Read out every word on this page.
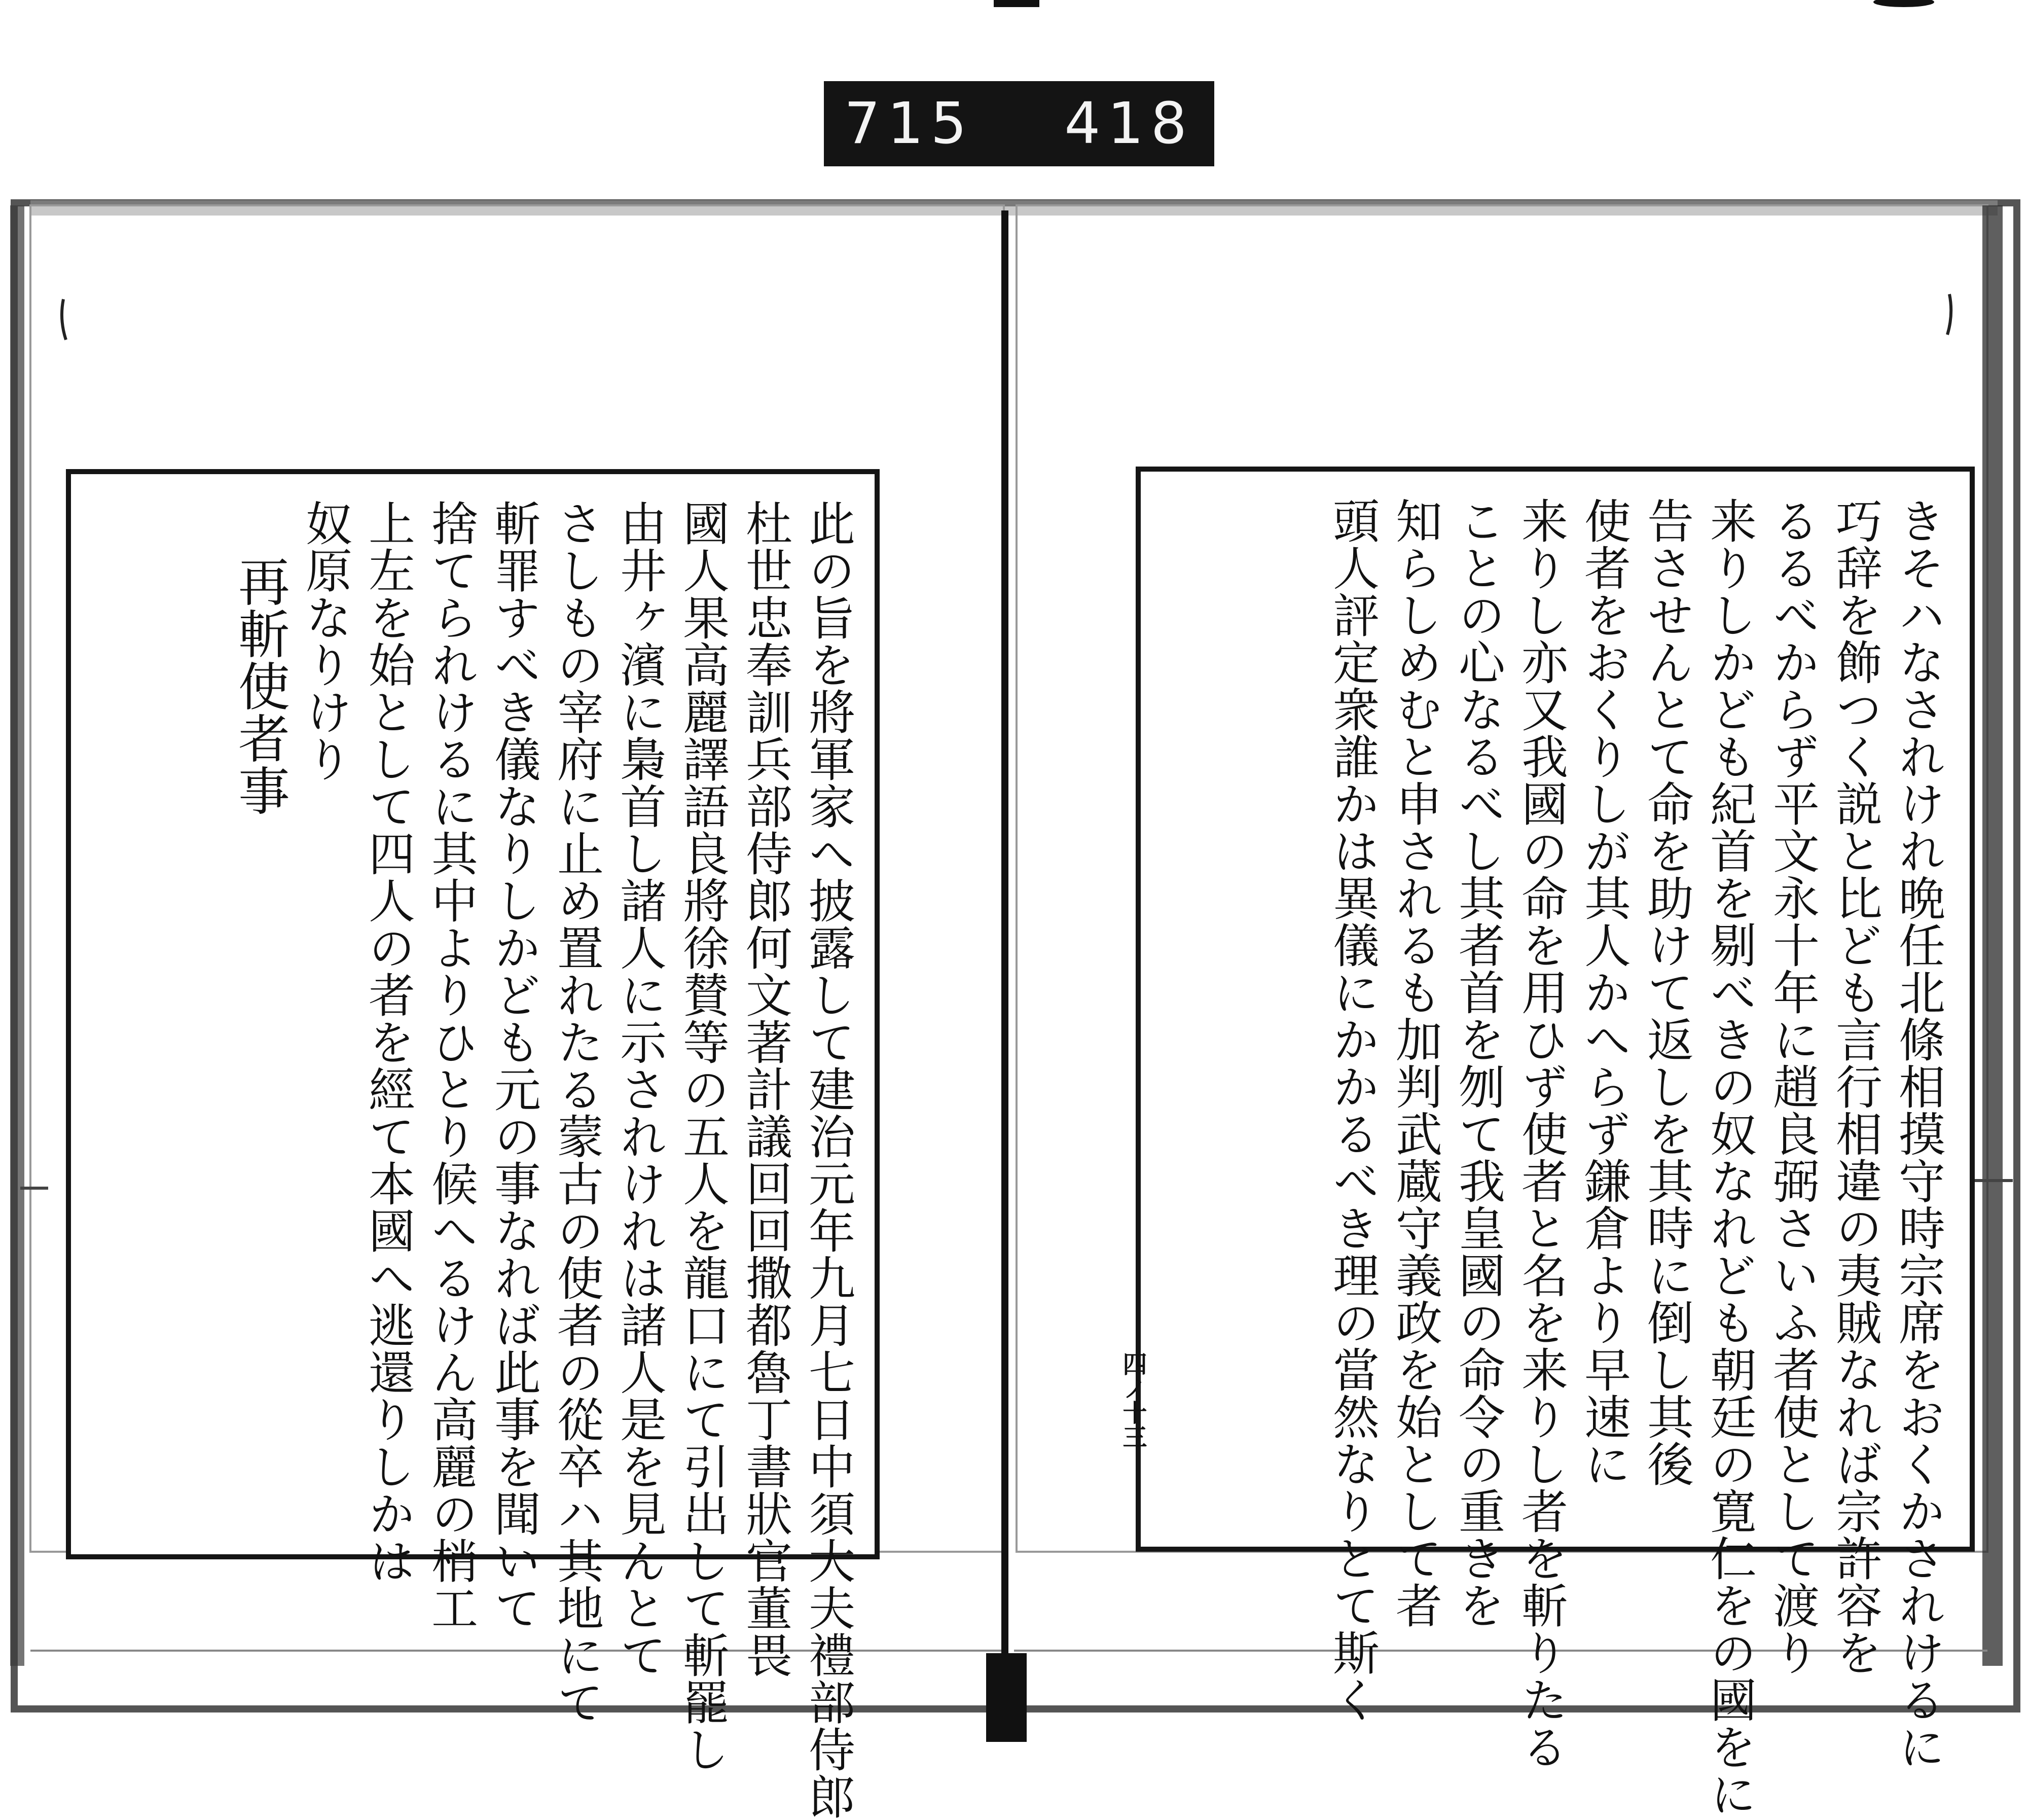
715 418
きそハなされけれ晩任北條相摸守時宗席をおくかされけるに
巧辞を飾つく説と比ども言行相違の夷賊なれば宗許容を
るるべからず平文永十年に趙良弼さいふ者使として渡り
来りしかども紀首を剔べきの奴なれども朝廷の寛仁をの國をに
告させんとて命を助けて返しを其時に倒し其後
使者をおくりしが其人かへらず鎌倉より早速に
来りし亦又我國の命を用ひず使者と名を来りし者を斬りたる
ことの心なるべし其者首を刎て我皇國の命令の重きを
知らしめむと申されるも加判武蔵守義政を始として者
頭人評定衆誰かは異儀にかかるべき理の當然なりとて斯く
四ノ十三
此の旨を將軍家へ披露して建治元年九月七日中須大夫禮部侍郎
杜世忠奉訓兵部侍郎何文著計議回回撒都魯丁書狀官董畏
國人果高麗譯語良將徐賛等の五人を龍口にて引出して斬罷し
由井ヶ濱に梟首し諸人に示されけれは諸人是を見んとて
さしもの宰府に止め置れたる蒙古の使者の從卒ハ其地にて
斬罪すべき儀なりしかども元の事なれば此事を聞いて
捨てられけるに其中よりひとり候へるけん高麗の梢工
上左を始として四人の者を經て本國へ逃還りしかは
奴原なりけり
再斬使者事
